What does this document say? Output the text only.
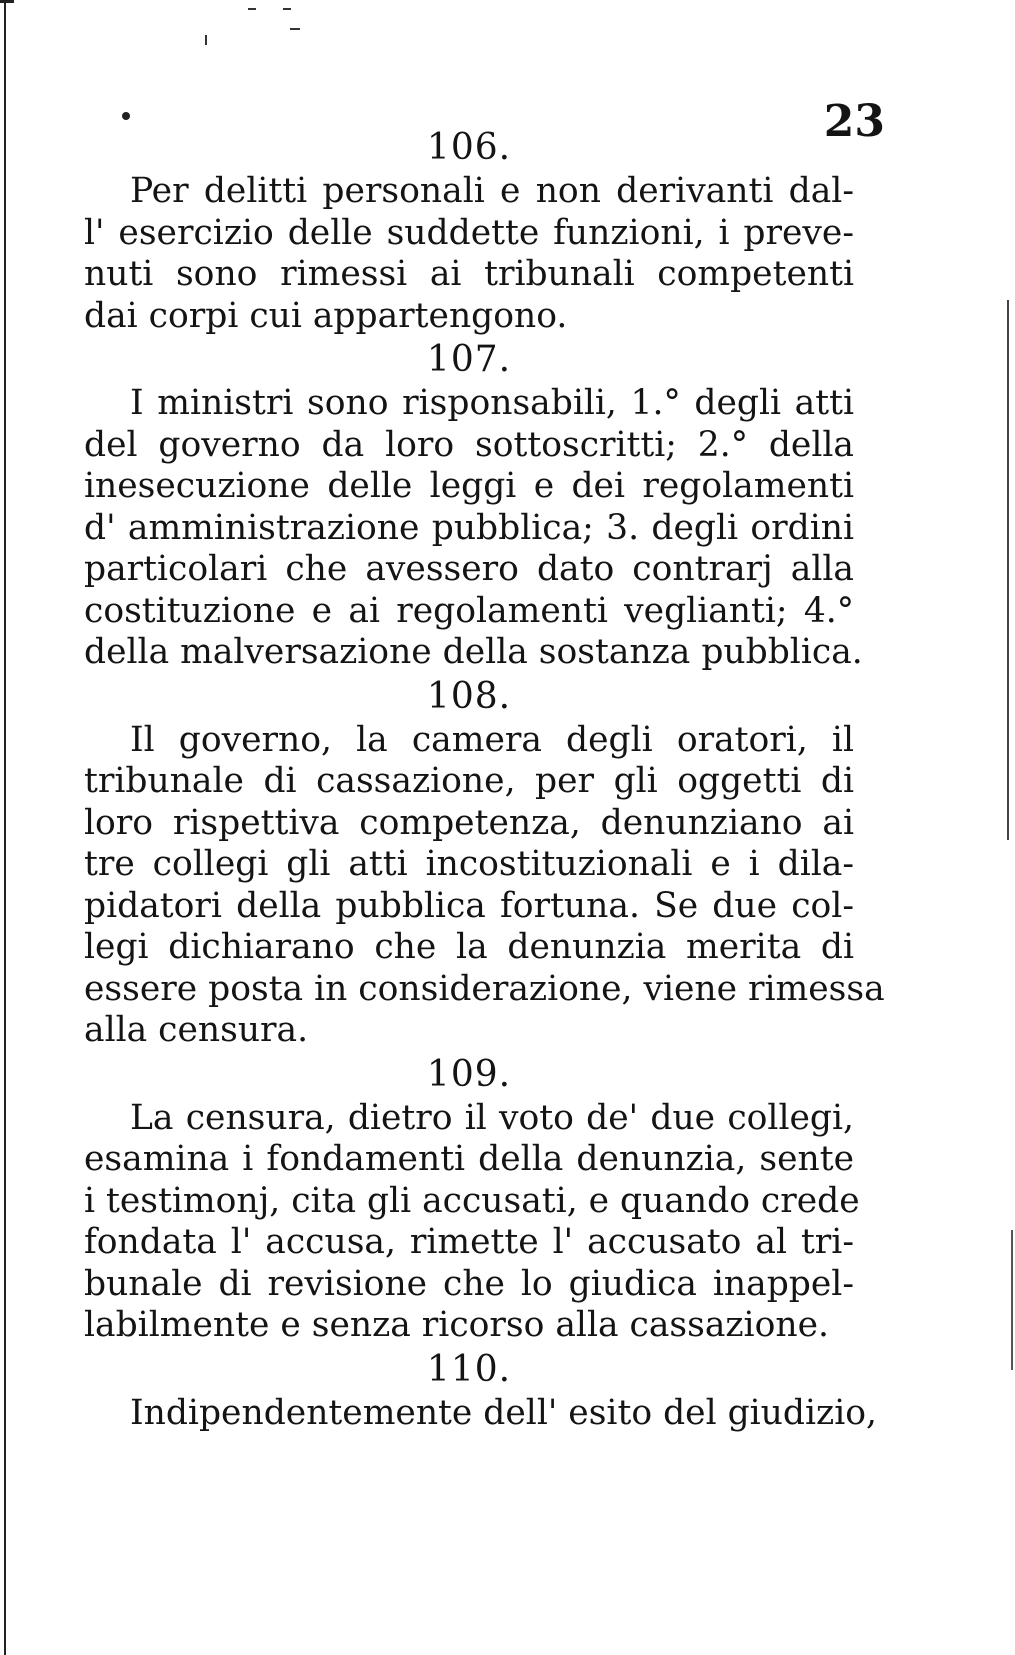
23
106.
Per delitti personali e non derivanti dal-
l' esercizio delle suddette funzioni, i preve-
nuti sono rimessi ai tribunali competenti
dai corpi cui appartengono.
107.
I ministri sono risponsabili, 1.° degli atti
del governo da loro sottoscritti; 2.° della
inesecuzione delle leggi e dei regolamenti
d' amministrazione pubblica; 3. degli ordini
particolari che avessero dato contrarj alla
costituzione e ai regolamenti veglianti; 4.°
della malversazione della sostanza pubblica.
108.
Il governo, la camera degli oratori, il
tribunale di cassazione, per gli oggetti di
loro rispettiva competenza, denunziano ai
tre collegi gli atti incostituzionali e i dila-
pidatori della pubblica fortuna. Se due col-
legi dichiarano che la denunzia merita di
essere posta in considerazione, viene rimessa
alla censura.
109.
La censura, dietro il voto de' due collegi,
esamina i fondamenti della denunzia, sente
i testimonj, cita gli accusati, e quando crede
fondata l' accusa, rimette l' accusato al tri-
bunale di revisione che lo giudica inappel-
labilmente e senza ricorso alla cassazione.
110.
Indipendentemente dell' esito del giudizio,
